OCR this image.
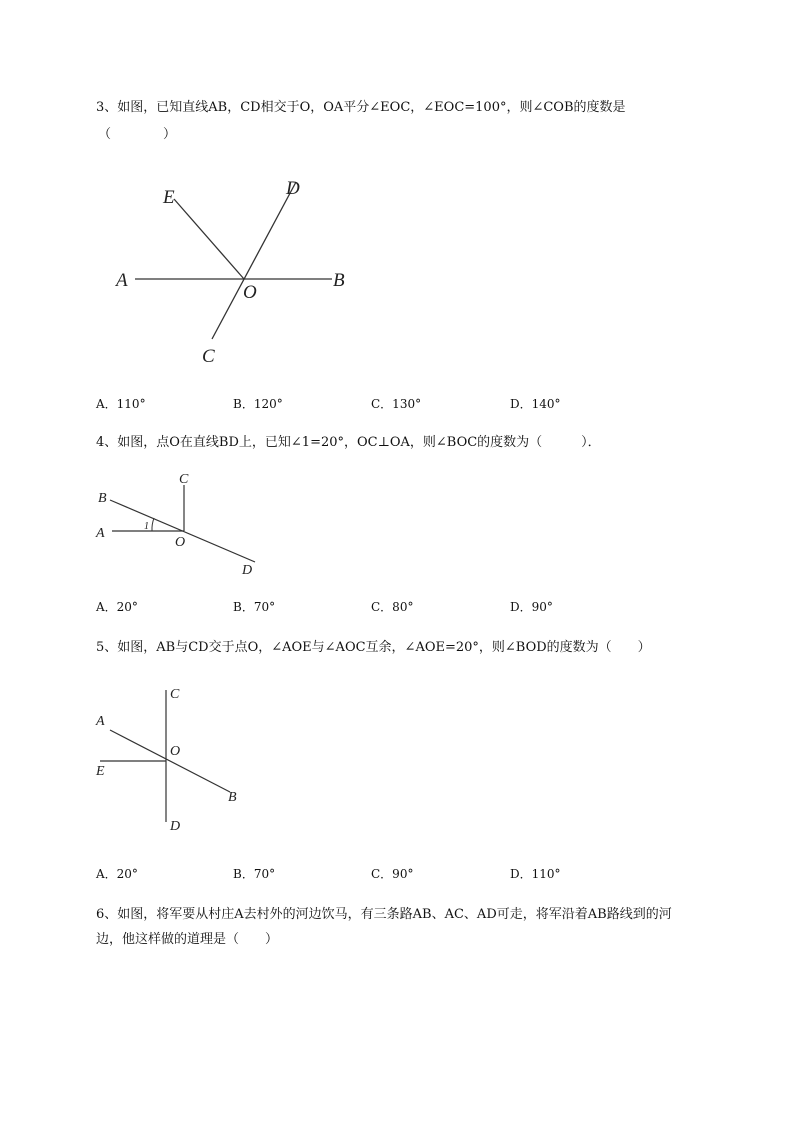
3、如图，已知直线AB，CD相交于O，OA平分∠EOC，∠EOC=100°，则∠COB的度数是
（　　　　）
A	B
C
D
E
O
A．110°	B．120°	C．130°	D．140°
4、如图，点O在直线BD上，已知∠1=20°，OC⊥OA，则∠BOC的度数为（　　　）．
1
B
A
C
D
O
A．20°	B．70°	C．80°	D．90°
5、如图，AB与CD交于点O，∠AOE与∠AOC互余，∠AOE=20°，则∠BOD的度数为（　　）
C
A
O
E
B
D
A．20°	B．70°	C．90°	D．110°
6、如图，将军要从村庄A去村外的河边饮马，有三条路AB、AC、AD可走，将军沿着AB路线到的河
边，他这样做的道理是（　　）
